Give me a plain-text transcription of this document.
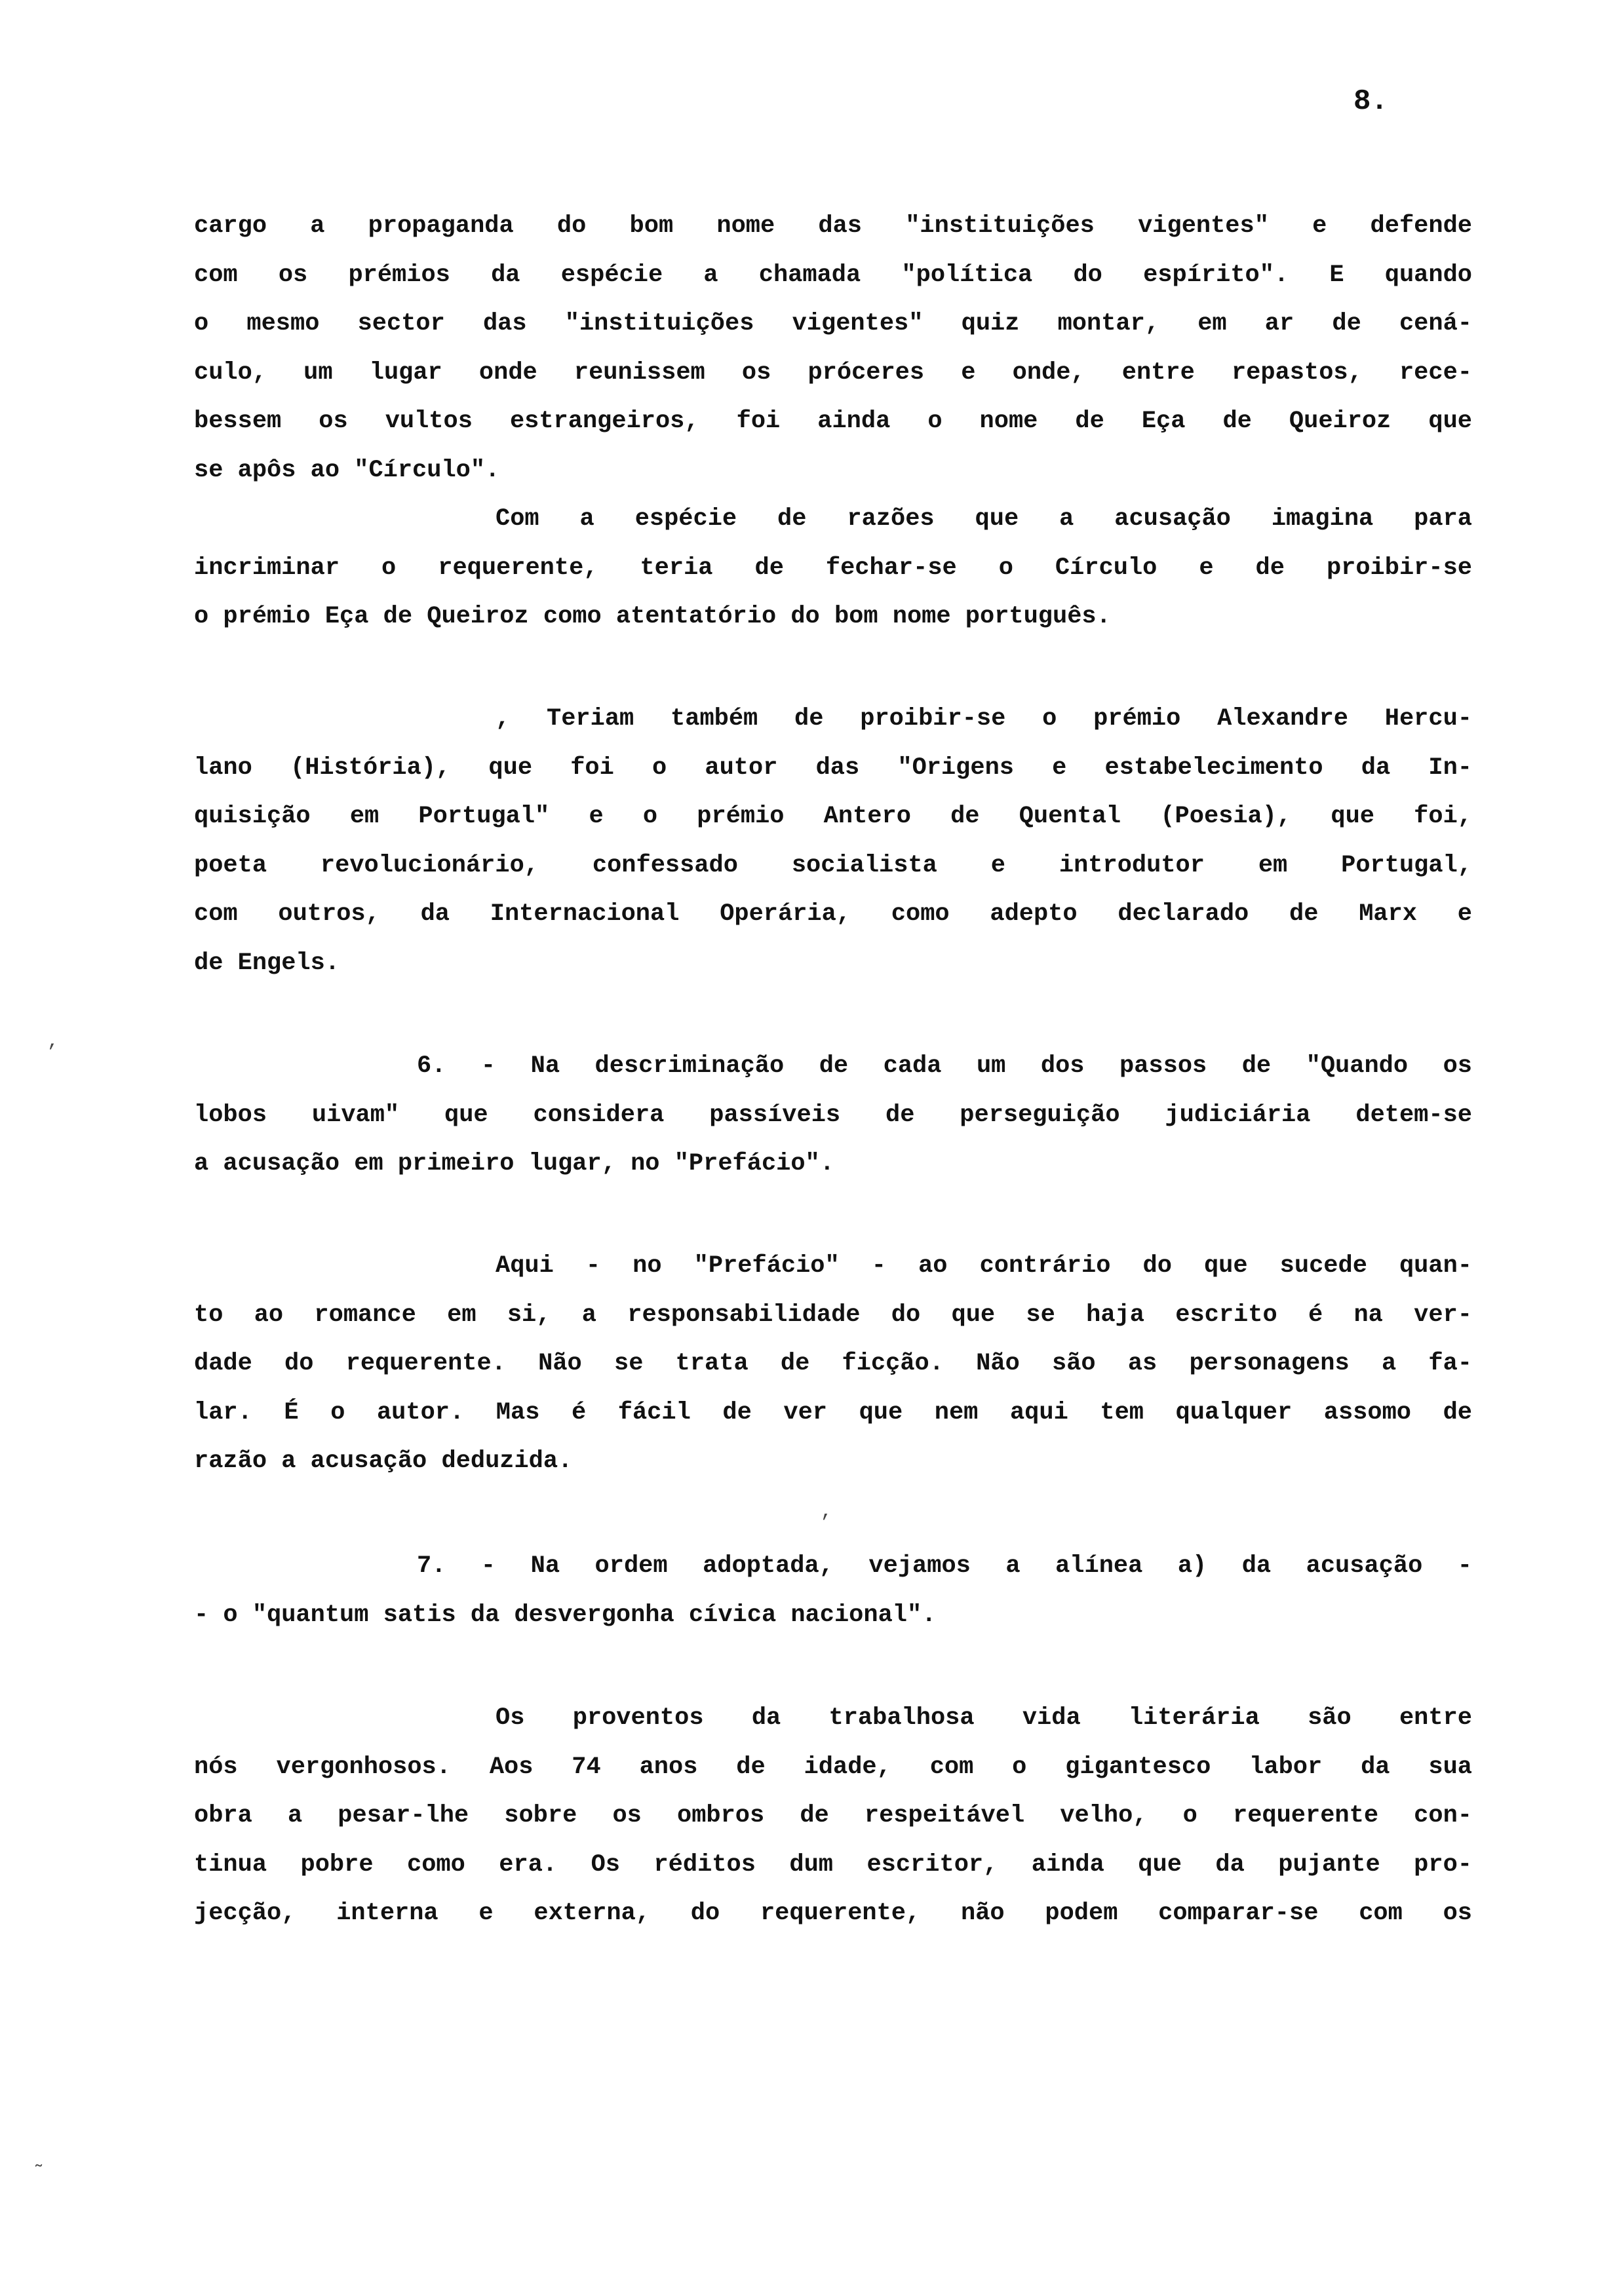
8.
cargo a propaganda do bom nome das "instituições vigentes" e defende
com os prémios da espécie a chamada "política do espírito". E quando
o mesmo sector das "instituições vigentes" quiz montar, em ar de cená-
culo, um lugar onde reunissem os próceres e onde, entre repastos, rece-
bessem os vultos estrangeiros, foi ainda o nome de Eça de Queiroz que
se apôs ao "Círculo".
Com a espécie de razões que a acusação imagina para
incriminar o requerente, teria de fechar-se o Círculo e de proibir-se
o prémio Eça de Queiroz como atentatório do bom nome português.
, Teriam também de proibir-se o prémio Alexandre Hercu-
lano (História), que foi o autor das "Origens e estabelecimento da In-
quisição em Portugal" e o prémio Antero de Quental (Poesia), que foi,
poeta revolucionário, confessado socialista e introdutor em Portugal,
com outros, da Internacional Operária, como adepto declarado de Marx e
de Engels.
6. - Na descriminação de cada um dos passos de "Quando os
lobos uivam" que considera passíveis de perseguição judiciária detem-se
a acusação em primeiro lugar, no "Prefácio".
Aqui - no "Prefácio" - ao contrário do que sucede quan-
to ao romance em si, a responsabilidade do que se haja escrito é na ver-
dade do requerente. Não se trata de ficção. Não são as personagens a fa-
lar. É o autor. Mas é fácil de ver que nem aqui tem qualquer assomo de
razão a acusação deduzida.
,
7. - Na ordem adoptada, vejamos a alínea a) da acusação -
- o "quantum satis da desvergonha cívica nacional".
Os proventos da trabalhosa vida literária são entre
nós vergonhosos. Aos 74 anos de idade, com o gigantesco labor da sua
obra a pesar-lhe sobre os ombros de respeitável velho, o requerente con-
tinua pobre como era. Os réditos dum escritor, ainda que da pujante pro-
jecção, interna e externa, do requerente, não podem comparar-se com os
’
˜
